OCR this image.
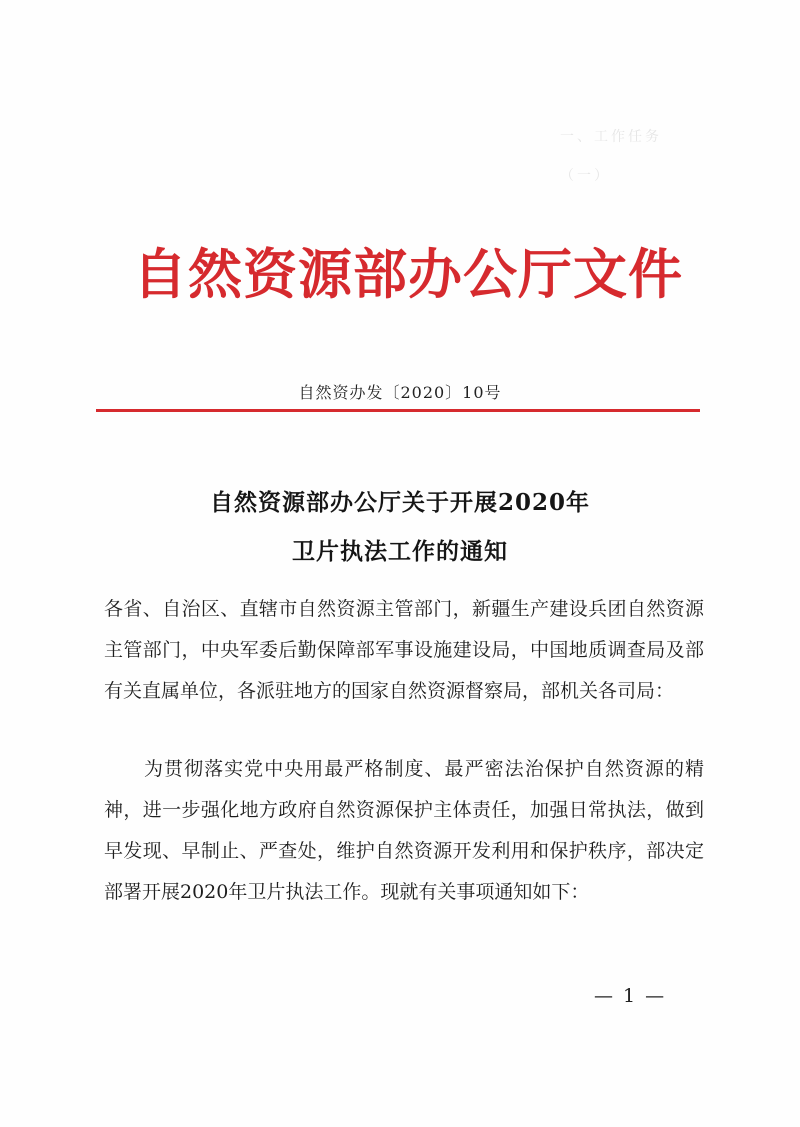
一、工作任务
（一）
自然资源部办公厅文件
自然资办发〔2020〕10号
自然资源部办公厅关于开展2020年
卫片执法工作的通知
各省、自治区、直辖市自然资源主管部门，新疆生产建设兵团自然资源主管部门，中央军委后勤保障部军事设施建设局，中国地质调查局及部有关直属单位，各派驻地方的国家自然资源督察局，部机关各司局：
为贯彻落实党中央用最严格制度、最严密法治保护自然资源的精神，进一步强化地方政府自然资源保护主体责任，加强日常执法，做到早发现、早制止、严查处，维护自然资源开发利用和保护秩序，部决定部署开展2020年卫片执法工作。现就有关事项通知如下：
— 1 —
